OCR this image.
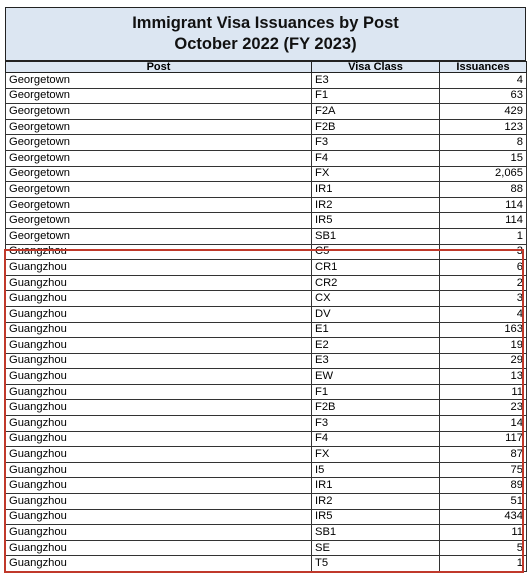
Immigrant Visa Issuances by Post
October 2022 (FY 2023)
Post	Visa Class	Issuances
Georgetown	E3	4
Georgetown	F1	63
Georgetown	F2A	429
Georgetown	F2B	123
Georgetown	F3	8
Georgetown	F4	15
Georgetown	FX	2,065
Georgetown	IR1	88
Georgetown	IR2	114
Georgetown	IR5	114
Georgetown	SB1	1
Guangzhou	C5	3
Guangzhou	CR1	6
Guangzhou	CR2	2
Guangzhou	CX	3
Guangzhou	DV	4
Guangzhou	E1	163
Guangzhou	E2	19
Guangzhou	E3	29
Guangzhou	EW	13
Guangzhou	F1	11
Guangzhou	F2B	23
Guangzhou	F3	14
Guangzhou	F4	117
Guangzhou	FX	87
Guangzhou	I5	75
Guangzhou	IR1	89
Guangzhou	IR2	51
Guangzhou	IR5	434
Guangzhou	SB1	11
Guangzhou	SE	5
Guangzhou	T5	1
